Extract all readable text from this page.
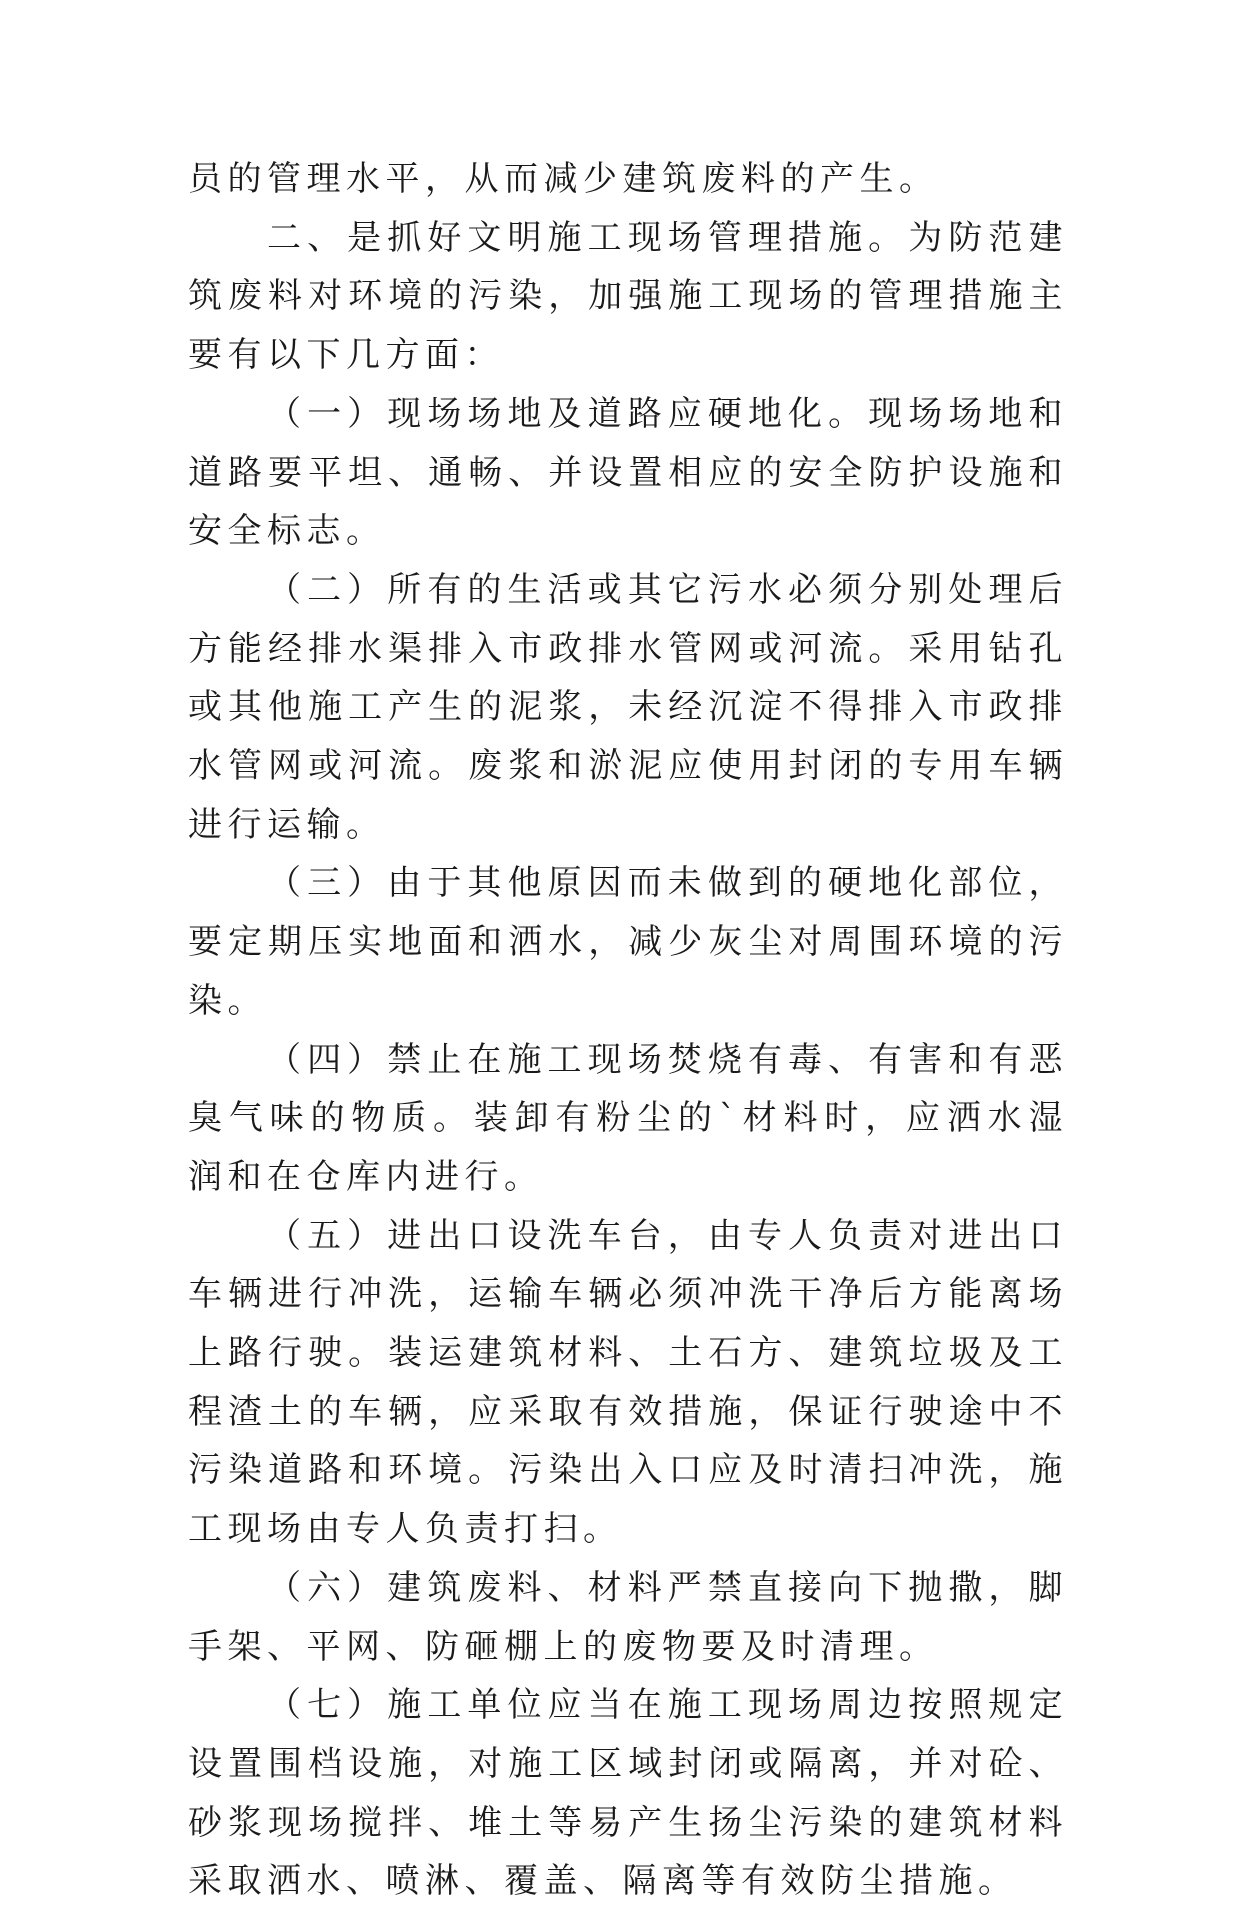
员的管理水平，从而减少建筑废料的产生。

二、是抓好文明施工现场管理措施。为防范建筑废料对环境的污染，加强施工现场的管理措施主要有以下几方面：

（一）现场场地及道路应硬地化。现场场地和道路要平坦、通畅、并设置相应的安全防护设施和安全标志。

（二）所有的生活或其它污水必须分别处理后方能经排水渠排入市政排水管网或河流。采用钻孔或其他施工产生的泥浆，未经沉淀不得排入市政排水管网或河流。废浆和淤泥应使用封闭的专用车辆进行运输。

（三）由于其他原因而未做到的硬地化部位，要定期压实地面和洒水，减少灰尘对周围环境的污染。

（四）禁止在施工现场焚烧有毒、有害和有恶臭气味的物质。装卸有粉尘的`材料时，应洒水湿润和在仓库内进行。

（五）进出口设洗车台，由专人负责对进出口车辆进行冲洗，运输车辆必须冲洗干净后方能离场上路行驶。装运建筑材料、土石方、建筑垃圾及工程渣土的车辆，应采取有效措施，保证行驶途中不污染道路和环境。污染出入口应及时清扫冲洗，施工现场由专人负责打扫。

（六）建筑废料、材料严禁直接向下抛撒，脚手架、平网、防砸棚上的废物要及时清理。

（七）施工单位应当在施工现场周边按照规定设置围档设施，对施工区域封闭或隔离，并对砼、砂浆现场搅拌、堆土等易产生扬尘污染的建筑材料采取洒水、喷淋、覆盖、隔离等有效防尘措施。
